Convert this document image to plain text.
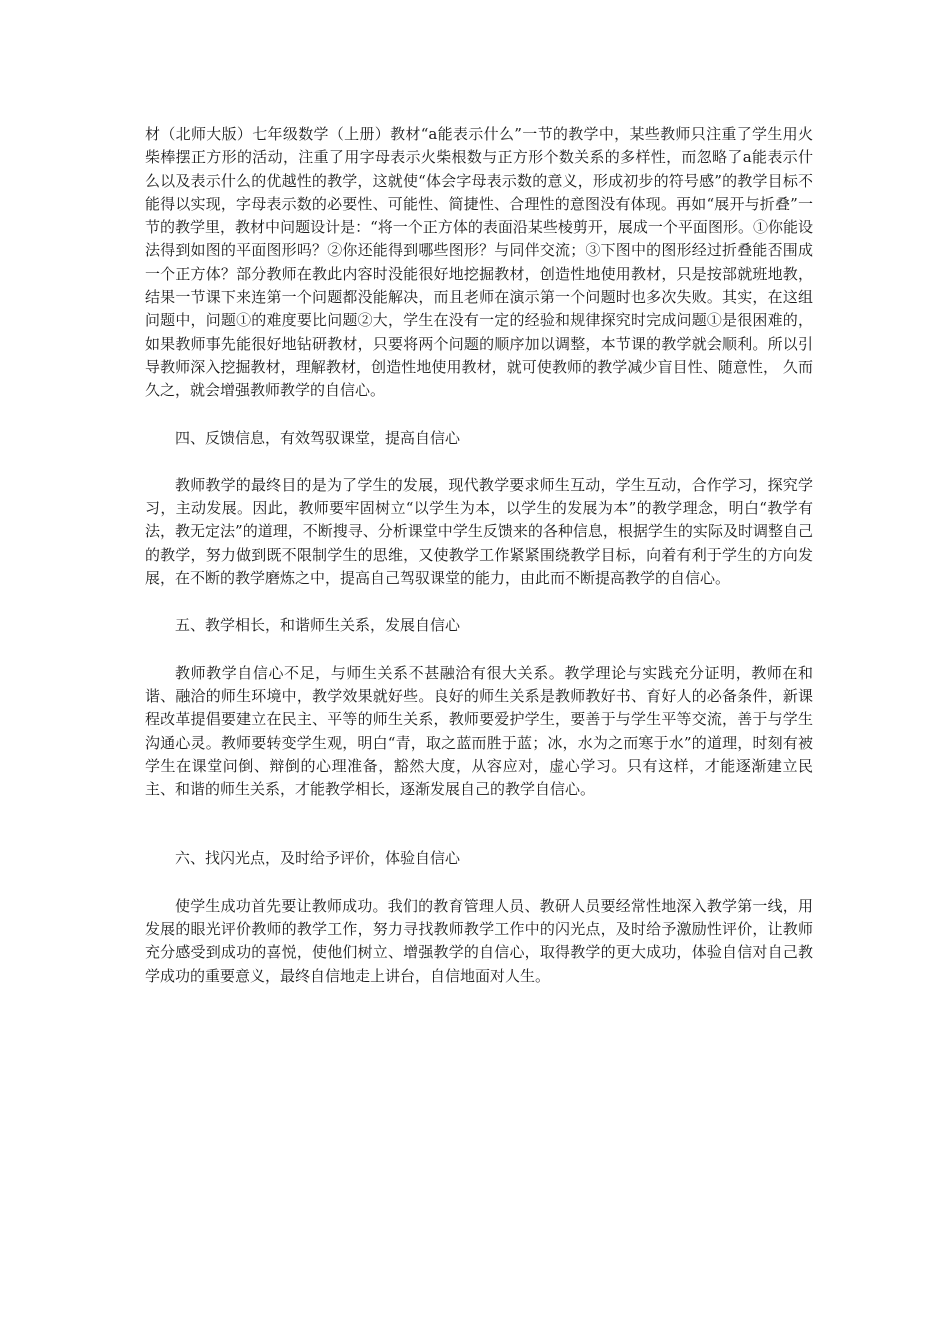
材（北师大版）七年级数学（上册）教材“a能表示什么”一节的教学中，某些教师只注重了学生用火柴棒摆正方形的活动，注重了用字母表示火柴根数与正方形个数关系的多样性，而忽略了a能表示什么以及表示什么的优越性的教学，这就使“体会字母表示数的意义，形成初步的符号感”的教学目标不能得以实现，字母表示数的必要性、可能性、简捷性、合理性的意图没有体现。再如“展开与折叠”一节的教学里，教材中问题设计是：“将一个正方体的表面沿某些棱剪开，展成一个平面图形。①你能设法得到如图的平面图形吗？②你还能得到哪些图形？与同伴交流；③下图中的图形经过折叠能否围成一个正方体？部分教师在教此内容时没能很好地挖掘教材，创造性地使用教材，只是按部就班地教，结果一节课下来连第一个问题都没能解决，而且老师在演示第一个问题时也多次失败。其实，在这组问题中，问题①的难度要比问题②大，学生在没有一定的经验和规律探究时完成问题①是很困难的，如果教师事先能很好地钻研教材，只要将两个问题的顺序加以调整，本节课的教学就会顺利。所以引导教师深入挖掘教材，理解教材，创造性地使用教材，就可使教师的教学减少盲目性、随意性， 久而久之，就会增强教师教学的自信心。

四、反馈信息，有效驾驭课堂，提高自信心

教师教学的最终目的是为了学生的发展，现代教学要求师生互动，学生互动，合作学习，探究学习，主动发展。因此，教师要牢固树立“以学生为本，以学生的发展为本”的教学理念，明白“教学有法，教无定法”的道理，不断搜寻、分析课堂中学生反馈来的各种信息，根据学生的实际及时调整自己的教学，努力做到既不限制学生的思维，又使教学工作紧紧围绕教学目标，向着有利于学生的方向发展，在不断的教学磨炼之中，提高自己驾驭课堂的能力，由此而不断提高教学的自信心。

五、教学相长，和谐师生关系，发展自信心

教师教学自信心不足，与师生关系不甚融洽有很大关系。教学理论与实践充分证明，教师在和谐、融洽的师生环境中，教学效果就好些。良好的师生关系是教师教好书、育好人的必备条件，新课程改革提倡要建立在民主、平等的师生关系，教师要爱护学生，要善于与学生平等交流，善于与学生沟通心灵。教师要转变学生观，明白“青，取之蓝而胜于蓝；冰，水为之而寒于水”的道理，时刻有被学生在课堂问倒、辩倒的心理准备，豁然大度，从容应对，虚心学习。只有这样，才能逐渐建立民主、和谐的师生关系，才能教学相长，逐渐发展自己的教学自信心。

六、找闪光点，及时给予评价，体验自信心

使学生成功首先要让教师成功。我们的教育管理人员、教研人员要经常性地深入教学第一线，用发展的眼光评价教师的教学工作，努力寻找教师教学工作中的闪光点，及时给予激励性评价，让教师充分感受到成功的喜悦，使他们树立、增强教学的自信心，取得教学的更大成功，体验自信对自己教学成功的重要意义，最终自信地走上讲台，自信地面对人生。
